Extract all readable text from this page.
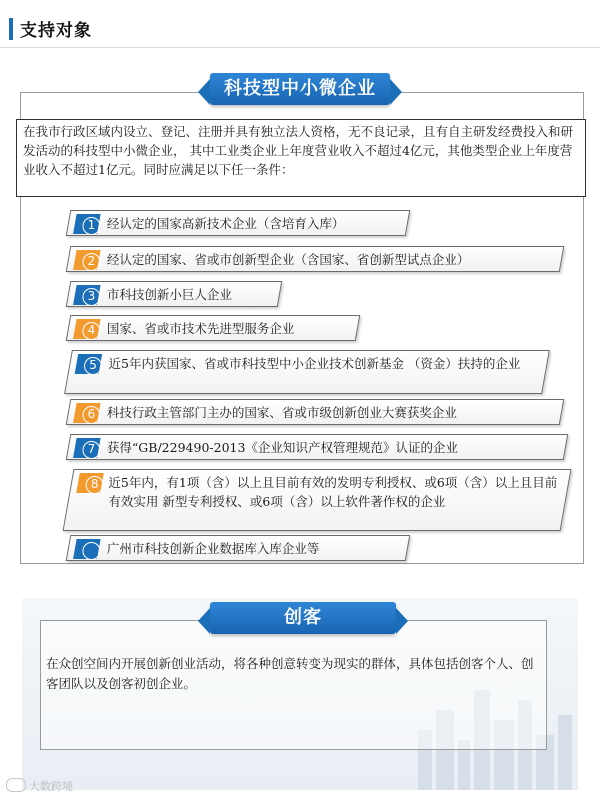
支持对象
科技型中小微企业
在我市行政区域内设立、登记、注册并具有独立法人资格，无不良记录，且有自主研发经费投入和研发活动的科技型中小微企业， 其中工业类企业上年度营业收入不超过4亿元，其他类型企业上年度营业收入不超过1亿元。同时应满足以下任一条件：
1 经认定的国家高新技术企业（含培育入库）
2 经认定的国家、省或市创新型企业（含国家、省创新型试点企业）
3 市科技创新小巨人企业
4 国家、省或市技术先进型服务企业
5 近5年内获国家、省或市科技型中小企业技术创新基金 （资金）扶持的企业
6 科技行政主管部门主办的国家、省或市级创新创业大赛获奖企业
7 获得“GB/229490-2013《企业知识产权管理规范》认证的企业
8 近5年内，有1项（含）以上且目前有效的发明专利授权、或6项（含）以上且目前有效实用 新型专利授权、或6项（含）以上软件著作权的企业
广州市科技创新企业数据库入库企业等
创客
在众创空间内开展创新创业活动，将各种创意转变为现实的群体，具体包括创客个人、创客团队以及创客初创企业。
大数跨境
